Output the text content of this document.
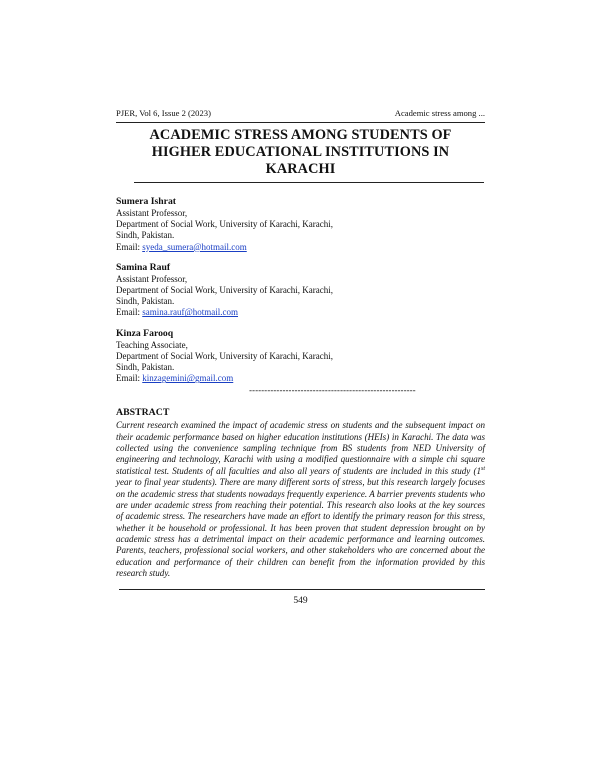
PJER, Vol 6, Issue 2 (2023)	Academic stress among ...
ACADEMIC STRESS AMONG STUDENTS OF
HIGHER EDUCATIONAL INSTITUTIONS IN
KARACHI
Sumera Ishrat
Assistant Professor,
Department of Social Work, University of Karachi, Karachi,
Sindh, Pakistan.
Email: syeda_sumera@hotmail.com
Samina Rauf
Assistant Professor,
Department of Social Work, University of Karachi, Karachi,
Sindh, Pakistan.
Email: samina.rauf@hotmail.com
Kinza Farooq
Teaching Associate,
Department of Social Work, University of Karachi, Karachi,
Sindh, Pakistan.
Email: kinzagemini@gmail.com
-------------------------------------------------------
ABSTRACT
Current research examined the impact of academic stress on students and the subsequent impact on their academic performance based on higher education institutions (HEIs) in Karachi. The data was collected using the convenience sampling technique from BS students from NED University of engineering and technology, Karachi with using a modified questionnaire with a simple chi square statistical test. Students of all faculties and also all years of students are included in this study (1st year to final year students). There are many different sorts of stress, but this research largely focuses on the academic stress that students nowadays frequently experience. A barrier prevents students who are under academic stress from reaching their potential. This research also looks at the key sources of academic stress. The researchers have made an effort to identify the primary reason for this stress, whether it be household or professional. It has been proven that student depression brought on by academic stress has a detrimental impact on their academic performance and learning outcomes. Parents, teachers, professional social workers, and other stakeholders who are concerned about the education and performance of their children can benefit from the information provided by this research study.
549
